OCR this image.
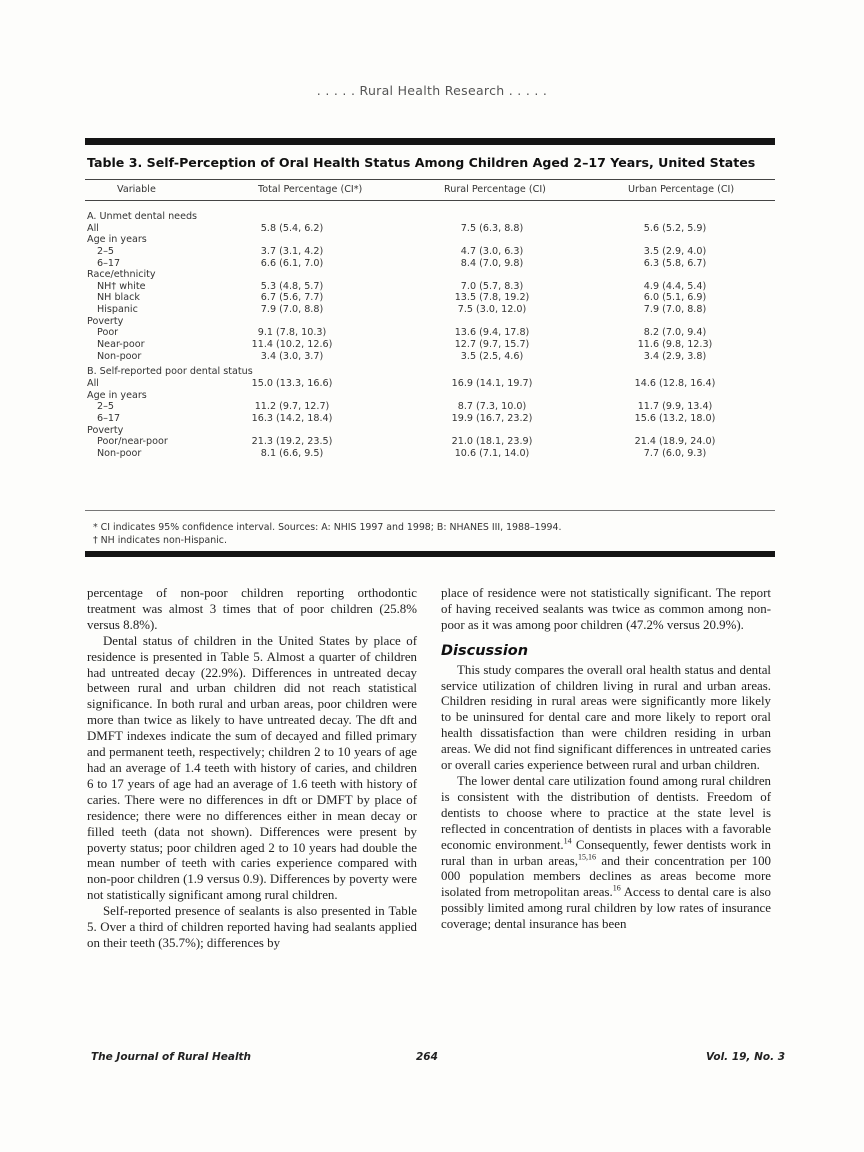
. . . . . Rural Health Research . . . . .
Table 3. Self-Perception of Oral Health Status Among Children Aged 2–17 Years, United States
Variable	Total Percentage (CI*)	Rural Percentage (CI)	Urban Percentage (CI)
A. Unmet dental needs
All	5.8 (5.4, 6.2)	7.5 (6.3, 8.8)	5.6 (5.2, 5.9)
Age in years
2–5	3.7 (3.1, 4.2)	4.7 (3.0, 6.3)	3.5 (2.9, 4.0)
6–17	6.6 (6.1, 7.0)	8.4 (7.0, 9.8)	6.3 (5.8, 6.7)
Race/ethnicity
NH† white	5.3 (4.8, 5.7)	7.0 (5.7, 8.3)	4.9 (4.4, 5.4)
NH black	6.7 (5.6, 7.7)	13.5 (7.8, 19.2)	6.0 (5.1, 6.9)
Hispanic	7.9 (7.0, 8.8)	7.5 (3.0, 12.0)	7.9 (7.0, 8.8)
Poverty
Poor	9.1 (7.8, 10.3)	13.6 (9.4, 17.8)	8.2 (7.0, 9.4)
Near-poor	11.4 (10.2, 12.6)	12.7 (9.7, 15.7)	11.6 (9.8, 12.3)
Non-poor	3.4 (3.0, 3.7)	3.5 (2.5, 4.6)	3.4 (2.9, 3.8)
B. Self-reported poor dental status
All	15.0 (13.3, 16.6)	16.9 (14.1, 19.7)	14.6 (12.8, 16.4)
Age in years
2–5	11.2 (9.7, 12.7)	8.7 (7.3, 10.0)	11.7 (9.9, 13.4)
6–17	16.3 (14.2, 18.4)	19.9 (16.7, 23.2)	15.6 (13.2, 18.0)
Poverty
Poor/near-poor	21.3 (19.2, 23.5)	21.0 (18.1, 23.9)	21.4 (18.9, 24.0)
Non-poor	8.1 (6.6, 9.5)	10.6 (7.1, 14.0)	7.7 (6.0, 9.3)
* CI indicates 95% confidence interval. Sources: A: NHIS 1997 and 1998; B: NHANES III, 1988–1994.
† NH indicates non-Hispanic.

percentage of non-poor children reporting orthodontic treatment was almost 3 times that of poor children (25.8% versus 8.8%).

Dental status of children in the United States by place of residence is presented in Table 5. Almost a quarter of children had untreated decay (22.9%). Differences in untreated decay between rural and urban children did not reach statistical significance. In both rural and urban areas, poor children were more than twice as likely to have untreated decay. The dft and DMFT indexes indicate the sum of decayed and filled primary and permanent teeth, respectively; children 2 to 10 years of age had an average of 1.4 teeth with history of caries, and children 6 to 17 years of age had an average of 1.6 teeth with history of caries. There were no differences in dft or DMFT by place of residence; there were no differences either in mean decay or filled teeth (data not shown). Differences were present by poverty status; poor children aged 2 to 10 years had double the mean number of teeth with caries experience compared with non-poor children (1.9 versus 0.9). Differences by poverty were not statistically significant among rural children.

Self-reported presence of sealants is also presented in Table 5. Over a third of children reported having had sealants applied on their teeth (35.7%); differences by

place of residence were not statistically significant. The report of having received sealants was twice as common among non-poor as it was among poor children (47.2% versus 20.9%).

Discussion

This study compares the overall oral health status and dental service utilization of children living in rural and urban areas. Children residing in rural areas were significantly more likely to be uninsured for dental care and more likely to report oral health dissatisfaction than were children residing in urban areas. We did not find significant differences in untreated caries or overall caries experience between rural and urban children.

The lower dental care utilization found among rural children is consistent with the distribution of dentists. Freedom of dentists to choose where to practice at the state level is reflected in concentration of dentists in places with a favorable economic environment.$^{14}$ Consequently, fewer dentists work in rural than in urban areas,$^{15,16}$ and their concentration per 100 000 population members declines as areas become more isolated from metropolitan areas.$^{16}$ Access to dental care is also possibly limited among rural children by low rates of insurance coverage; dental insurance has been

The Journal of Rural Health	264	Vol. 19, No. 3
